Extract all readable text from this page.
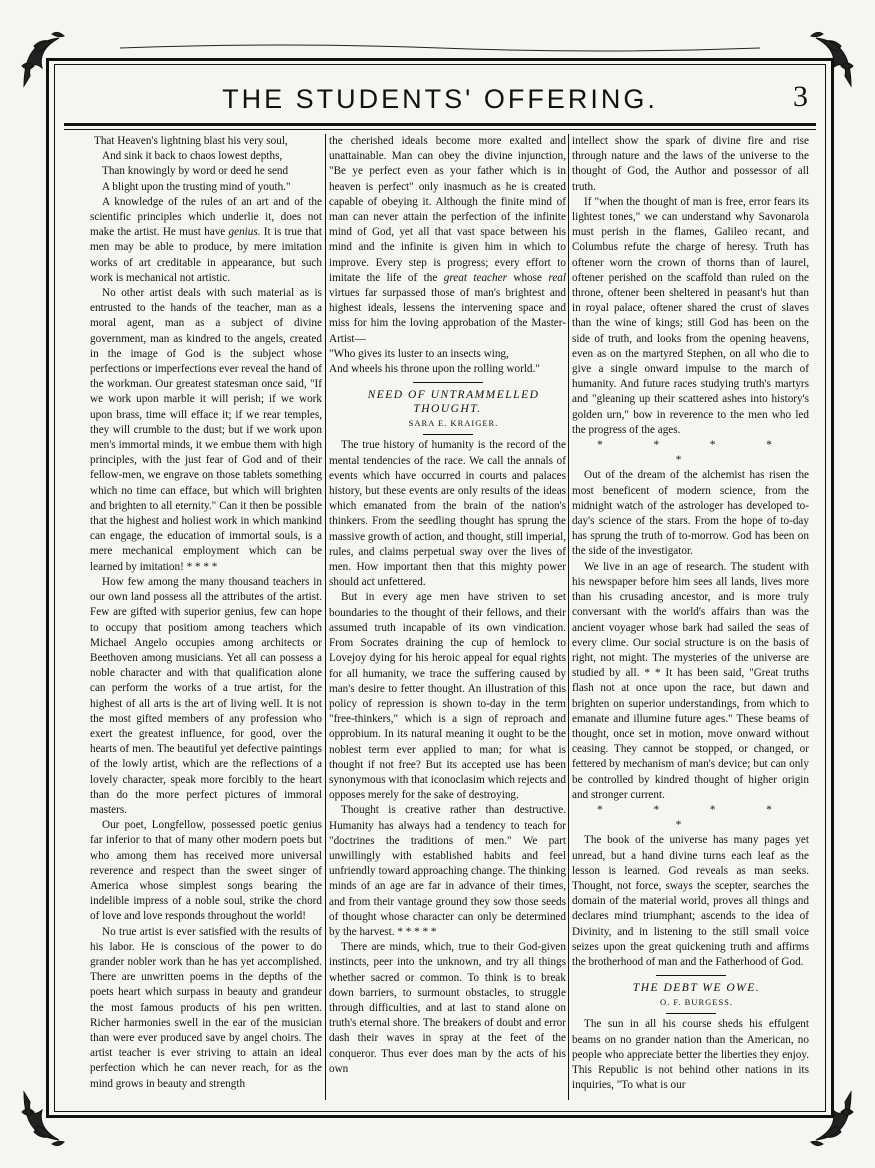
THE STUDENTS' OFFERING.	3

That Heaven's lightning blast his very soul,

And sink it back to chaos lowest depths,

Than knowingly by word or deed he send

A blight upon the trusting mind of youth."

A knowledge of the rules of an art and of the scientific principles which underlie it, does not make the artist. He must have genius. It is true that men may be able to produce, by mere imitation works of art creditable in appearance, but such work is mechanical not artistic.

No other artist deals with such material as is entrusted to the hands of the teacher, man as a moral agent, man as a subject of divine government, man as kindred to the angels, created in the image of God is the subject whose perfections or imperfections ever reveal the hand of the workman. Our greatest statesman once said, "If we work upon marble it will perish; if we work upon brass, time will efface it; if we rear temples, they will crumble to the dust; but if we work upon men's immortal minds, it we embue them with high principles, with the just fear of God and of their fellow-men, we engrave on those tablets something which no time can efface, but which will brighten and brighten to all eternity." Can it then be possible that the highest and holiest work in which mankind can engage, the education of immortal souls, is a mere mechanical employment which can be learned by imitation! * * * *

How few among the many thousand teachers in our own land possess all the attributes of the artist. Few are gifted with superior genius, few can hope to occupy that positiom among teachers which Michael Angelo occupies among architects or Beethoven among musicians. Yet all can possess a noble character and with that qualification alone can perform the works of a true artist, for the highest of all arts is the art of living well. It is not the most gifted members of any profession who exert the greatest influence, for good, over the hearts of men. The beautiful yet defective paintings of the lowly artist, which are the reflections of a lovely character, speak more forcibly to the heart than do the more perfect pictures of immoral masters.

Our poet, Longfellow, possessed poetic genius far inferior to that of many other modern poets but who among them has received more universal reverence and respect than the sweet singer of America whose simplest songs bearing the indelible impress of a noble soul, strike the chord of love and love responds throughout the world!

No true artist is ever satisfied with the results of his labor. He is conscious of the power to do grander nobler work than he has yet accomplished. There are unwritten poems in the depths of the poets heart which surpass in beauty and grandeur the most famous products of his pen written. Richer harmonies swell in the ear of the musician than were ever produced save by angel choirs. The artist teacher is ever striving to attain an ideal perfection which he can never reach, for as the mind grows in beauty and strength

the cherished ideals become more exalted and unattainable. Man can obey the divine injunction, "Be ye perfect even as your father which is in heaven is perfect" only inasmuch as he is created capable of obeying it. Although the finite mind of man can never attain the perfection of the infinite mind of God, yet all that vast space between his mind and the infinite is given him in which to improve. Every step is progress; every effort to imitate the life of the great teacher whose real virtues far surpassed those of man's brightest and highest ideals, lessens the intervening space and miss for him the loving approbation of the Master-Artist—

"Who gives its luster to an insects wing,

And wheels his throne upon the rolling world."

NEED OF UNTRAMMELLED THOUGHT.

SARA E. KRAIGER.

The true history of humanity is the record of the mental tendencies of the race. We call the annals of events which have occurred in courts and palaces history, but these events are only results of the ideas which emanated from the brain of the nation's thinkers. From the seedling thought has sprung the massive growth of action, and thought, still imperial, rules, and claims perpetual sway over the lives of men. How important then that this mighty power should act unfettered.

But in every age men have striven to set boundaries to the thought of their fellows, and their assumed truth incapable of its own vindication. From Socrates draining the cup of hemlock to Lovejoy dying for his heroic appeal for equal rights for all humanity, we trace the suffering caused by man's desire to fetter thought. An illustration of this policy of repression is shown to-day in the term "free-thinkers," which is a sign of reproach and opprobium. In its natural meaning it ought to be the noblest term ever applied to man; for what is thought if not free? But its accepted use has been synonymous with that iconoclasim which rejects and opposes merely for the sake of destroying.

Thought is creative rather than destructive. Humanity has always had a tendency to teach for "doctrines the traditions of men." We part unwillingly with established habits and feel unfriendly toward approaching change. The thinking minds of an age are far in advance of their times, and from their vantage ground they sow those seeds of thought whose character can only be determined by the harvest. * * * * *

There are minds, which, true to their God-given instincts, peer into the unknown, and try all things whether sacred or common. To think is to break down barriers, to surmount obstacles, to struggle through difficulties, and at last to stand alone on truth's eternal shore. The breakers of doubt and error dash their waves in spray at the feet of the conqueror. Thus ever does man by the acts of his own

intellect show the spark of divine fire and rise through nature and the laws of the universe to the thought of God, the Author and possessor of all truth.

If "when the thought of man is free, error fears its lightest tones," we can understand why Savonarola must perish in the flames, Galileo recant, and Columbus refute the charge of heresy. Truth has oftener worn the crown of thorns than of laurel, oftener perished on the scaffold than ruled on the throne, oftener been sheltered in peasant's hut than in royal palace, oftener shared the crust of slaves than the wine of kings; still God has been on the side of truth, and looks from the opening heavens, even as on the martyred Stephen, on all who die to give a single onward impulse to the march of humanity. And future races studying truth's martyrs and "gleaning up their scattered ashes into history's golden urn," bow in reverence to the men who led the progress of the ages.

* * * * *

Out of the dream of the alchemist has risen the most beneficent of modern science, from the midnight watch of the astrologer has developed to-day's science of the stars. From the hope of to-day has sprung the truth of to-morrow. God has been on the side of the investigator.

We live in an age of research. The student with his newspaper before him sees all lands, lives more than his crusading ancestor, and is more truly conversant with the world's affairs than was the ancient voyager whose bark had sailed the seas of every clime. Our social structure is on the basis of right, not might. The mysteries of the universe are studied by all. * * It has been said, "Great truths flash not at once upon the race, but dawn and brighten on superior understandings, from which to emanate and illumine future ages." These beams of thought, once set in motion, move onward without ceasing. They cannot be stopped, or changed, or fettered by mechanism of man's device; but can only be controlled by kindred thought of higher origin and stronger current.

* * * * *

The book of the universe has many pages yet unread, but a hand divine turns each leaf as the lesson is learned. God reveals as man seeks. Thought, not force, sways the scepter, searches the domain of the material world, proves all things and declares mind triumphant; ascends to the idea of Divinity, and in listening to the still small voice seizes upon the great quickening truth and affirms the brotherhood of man and the Fatherhood of God.

THE DEBT WE OWE.

O. F. BURGESS.

The sun in all his course sheds his effulgent beams on no grander nation than the American, no people who appreciate better the liberties they enjoy. This Republic is not behind other nations in its inquiries, "To what is our
